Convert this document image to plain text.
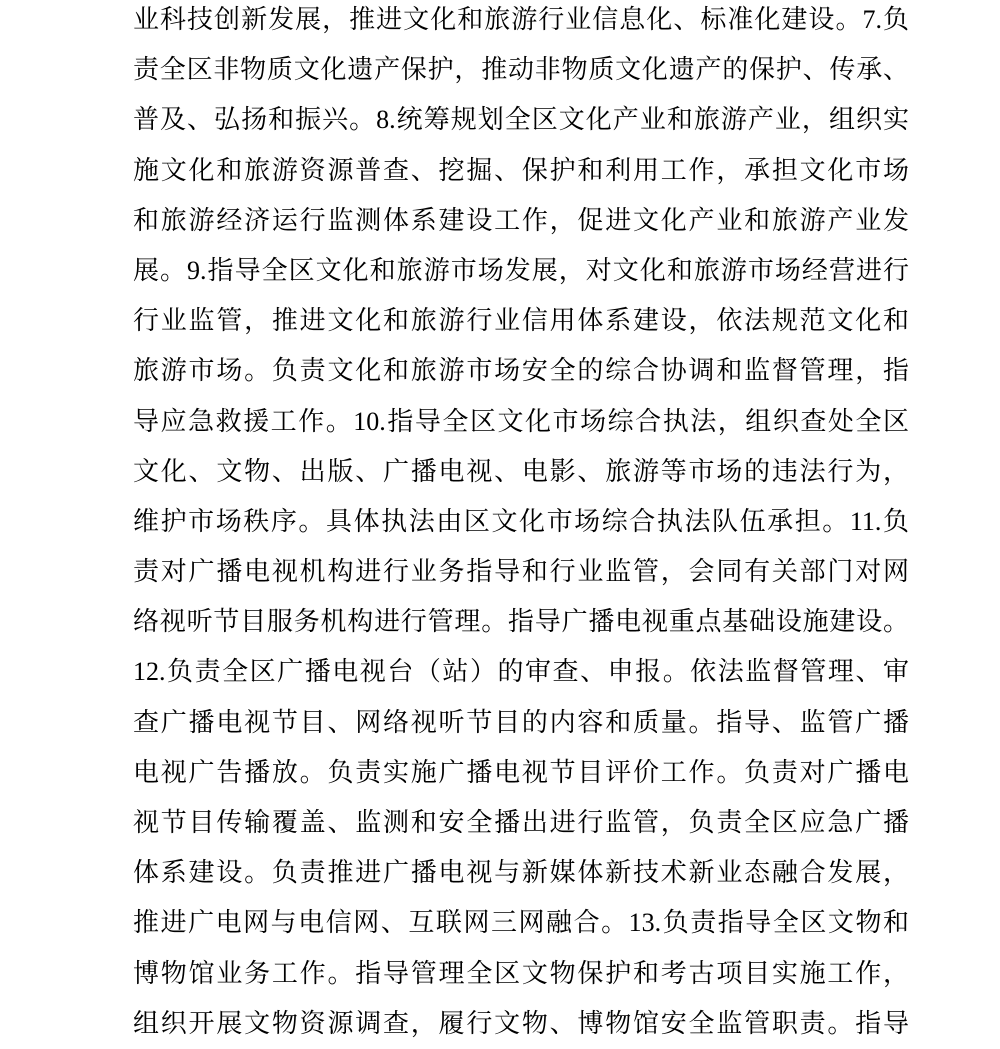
业科技创新发展，推进文化和旅游行业信息化、标准化建设。7.负
责全区非物质文化遗产保护，推动非物质文化遗产的保护、传承、
普及、弘扬和振兴。8.统筹规划全区文化产业和旅游产业，组织实
施文化和旅游资源普查、挖掘、保护和利用工作，承担文化市场
和旅游经济运行监测体系建设工作，促进文化产业和旅游产业发
展。9.指导全区文化和旅游市场发展，对文化和旅游市场经营进行
行业监管，推进文化和旅游行业信用体系建设，依法规范文化和
旅游市场。负责文化和旅游市场安全的综合协调和监督管理，指
导应急救援工作。10.指导全区文化市场综合执法，组织查处全区
文化、文物、出版、广播电视、电影、旅游等市场的违法行为，
维护市场秩序。具体执法由区文化市场综合执法队伍承担。11.负
责对广播电视机构进行业务指导和行业监管，会同有关部门对网
络视听节目服务机构进行管理。指导广播电视重点基础设施建设。
12.负责全区广播电视台（站）的审查、申报。依法监督管理、审
查广播电视节目、网络视听节目的内容和质量。指导、监管广播
电视广告播放。负责实施广播电视节目评价工作。负责对广播电
视节目传输覆盖、监测和安全播出进行监管，负责全区应急广播
体系建设。负责推进广播电视与新媒体新技术新业态融合发展，
推进广电网与电信网、互联网三网融合。13.负责指导全区文物和
博物馆业务工作。指导管理全区文物保护和考古项目实施工作，
组织开展文物资源调查，履行文物、博物馆安全监管职责。指导
